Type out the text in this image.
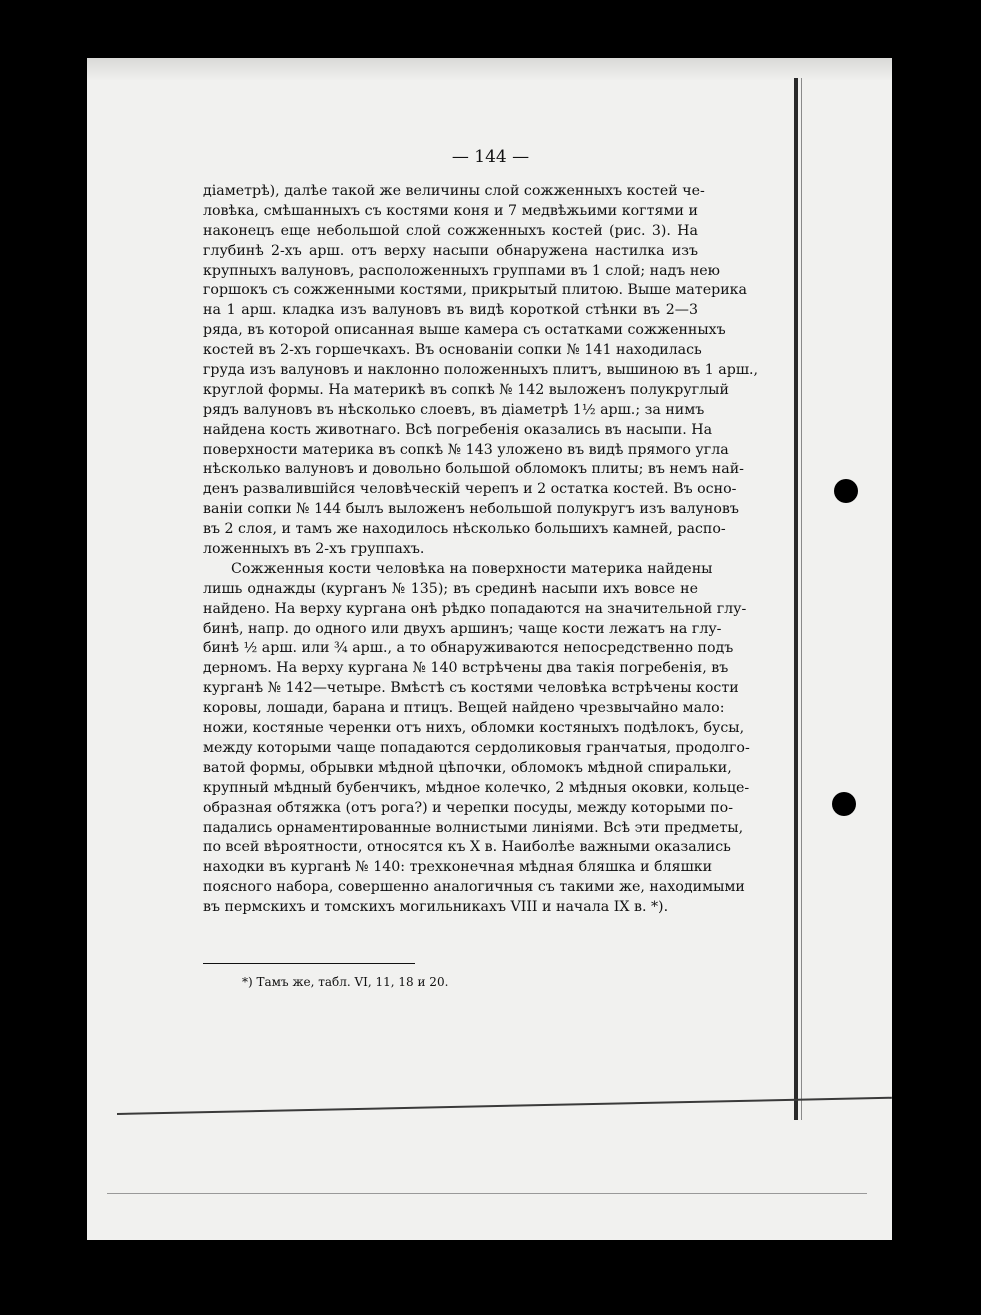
— 144 —
діаметрѣ), далѣе такой же величины слой сожженныхъ костей че-
ловѣка, смѣшанныхъ съ костями коня и 7 медвѣжьими когтями и
наконецъ еще небольшой слой сожженныхъ костей (рис. 3). На
глубинѣ 2-хъ арш. отъ верху насыпи обнаружена настилка изъ
крупныхъ валуновъ, расположенныхъ группами въ 1 слой; надъ нею
горшокъ съ сожженными костями, прикрытый плитою. Выше материка
на 1 арш. кладка изъ валуновъ въ видѣ короткой стѣнки въ 2—3
ряда, въ которой описанная выше камера съ остатками сожженныхъ
костей въ 2-хъ горшечкахъ. Въ основаніи сопки № 141 находилась
груда изъ валуновъ и наклонно положенныхъ плитъ, вышиною въ 1 арш.,
круглой формы. На материкѣ въ сопкѣ № 142 выложенъ полукруглый
рядъ валуновъ въ нѣсколько слоевъ, въ діаметрѣ 1½ арш.; за нимъ
найдена кость животнаго. Всѣ погребенія оказались въ насыпи. На
поверхности материка въ сопкѣ № 143 уложено въ видѣ прямого угла
нѣсколько валуновъ и довольно большой обломокъ плиты; въ немъ най-
денъ развалившійся человѣческій черепъ и 2 остатка костей. Въ осно-
ваніи сопки № 144 былъ выложенъ небольшой полукругъ изъ валуновъ
въ 2 слоя, и тамъ же находилось нѣсколько большихъ камней, распо-
ложенныхъ въ 2-хъ группахъ.
Сожженныя кости человѣка на поверхности материка найдены
лишь однажды (курганъ № 135); въ срединѣ насыпи ихъ вовсе не
найдено. На верху кургана онѣ рѣдко попадаются на значительной глу-
бинѣ, напр. до одного или двухъ аршинъ; чаще кости лежатъ на глу-
бинѣ ½ арш. или ¾ арш., а то обнаруживаются непосредственно подъ
дерномъ. На верху кургана № 140 встрѣчены два такія погребенія, въ
курганѣ № 142—четыре. Вмѣстѣ съ костями человѣка встрѣчены кости
коровы, лошади, барана и птицъ. Вещей найдено чрезвычайно мало:
ножи, костяные черенки отъ нихъ, обломки костяныхъ подѣлокъ, бусы,
между которыми чаще попадаются сердоликовыя гранчатыя, продолго-
ватой формы, обрывки мѣдной цѣпочки, обломокъ мѣдной спиральки,
крупный мѣдный бубенчикъ, мѣдное колечко, 2 мѣдныя оковки, кольце-
образная обтяжка (отъ рога?) и черепки посуды, между которыми по-
падались орнаментированные волнистыми линіями. Всѣ эти предметы,
по всей вѣроятности, относятся къ X в. Наиболѣе важными оказались
находки въ курганѣ № 140: трехконечная мѣдная бляшка и бляшки
поясного набора, совершенно аналогичныя съ такими же, находимыми
въ пермскихъ и томскихъ могильникахъ VIII и начала IX в. *).
*) Тамъ же, табл. VI, 11, 18 и 20.
